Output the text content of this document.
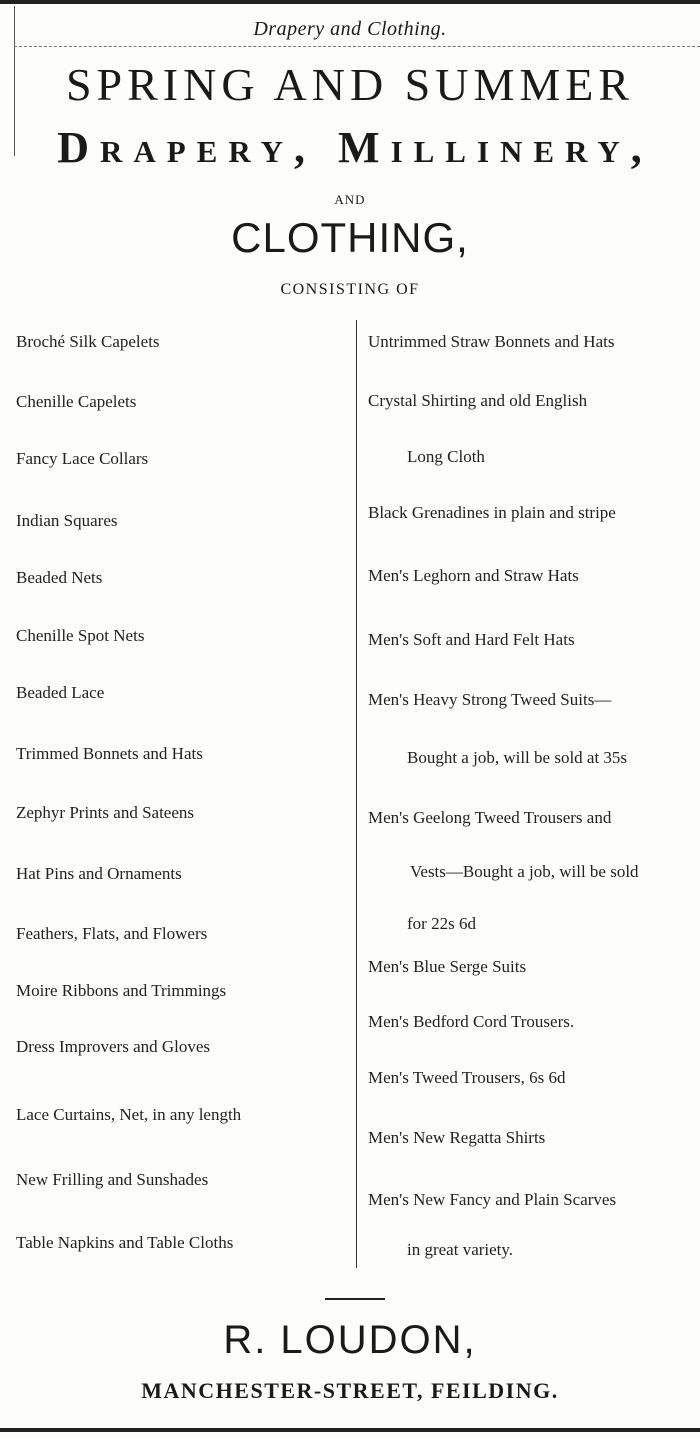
Drapery and Clothing.
SPRING AND SUMMER
Drapery, Millinery,
AND
CLOTHING,
CONSISTING OF
Broché Silk Capelets
Chenille Capelets
Fancy Lace Collars
Indian Squares
Beaded Nets
Chenille Spot Nets
Beaded Lace
Trimmed Bonnets and Hats
Zephyr Prints and Sateens
Hat Pins and Ornaments
Feathers, Flats, and Flowers
Moire Ribbons and Trimmings
Dress Improvers and Gloves
Lace Curtains, Net, in any length
New Frilling and Sunshades
Table Napkins and Table Cloths
Untrimmed Straw Bonnets and Hats
Crystal Shirting and old English
Long Cloth
Black Grenadines in plain and stripe
Men's Leghorn and Straw Hats
Men's Soft and Hard Felt Hats
Men's Heavy Strong Tweed Suits—
Bought a job, will be sold at 35s
Men's Geelong Tweed Trousers and
Vests—Bought a job, will be sold
for 22s 6d
Men's Blue Serge Suits
Men's Bedford Cord Trousers.
Men's Tweed Trousers, 6s 6d
Men's New Regatta Shirts
Men's New Fancy and Plain Scarves
in great variety.
R. LOUDON,
MANCHESTER-STREET, FEILDING.
